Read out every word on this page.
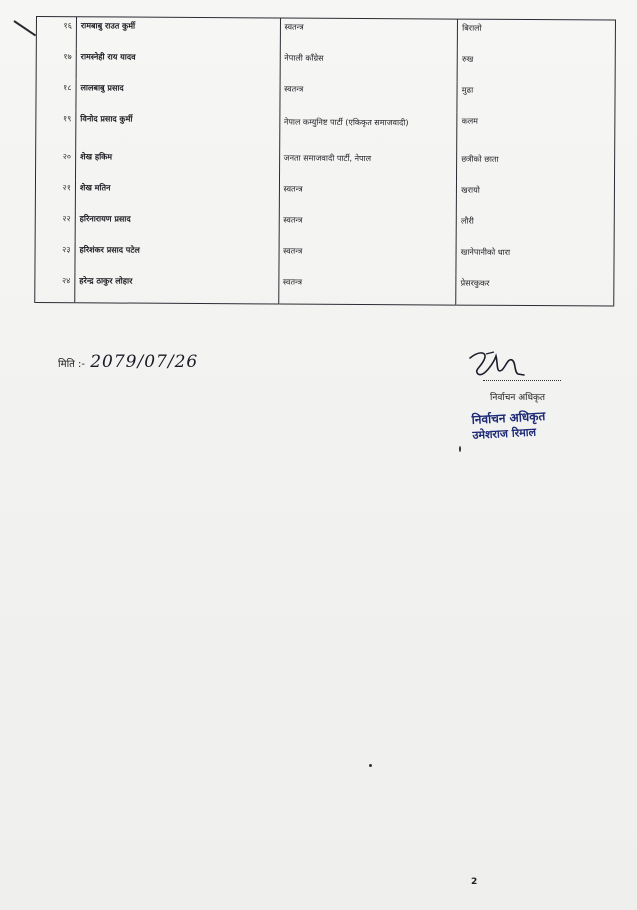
१६	रामबाबु राउत कुर्मी	स्वतन्त्र	बिरालो
१७	रामस्नेही राय यादव	नेपाली काँग्रेस	रुख
१८	लालबाबु प्रसाद	स्वतन्त्र	मुढा
१९	विनोद प्रसाद कुर्मी	नेपाल कम्युनिष्ट पार्टी (एकिकृत समाजवादी)	कलम
२०	शेख हकिम	जनता समाजवादी पार्टी, नेपाल	छत्रीको छाता
२१	शेख मतिन	स्वतन्त्र	खरायो
२२	हरिनारायण प्रसाद	स्वतन्त्र	लौरी
२३	हरिशंकर प्रसाद पटेल	स्वतन्त्र	खानेपानीको धारा
२४	हरेन्द्र ठाकुर लोहार	स्वतन्त्र	प्रेसरकुकर
मिति :- 2079/07/26
निर्वाचन अधिकृत
निर्वाचन अधिकृत
उमेशराज रिमाल
2
